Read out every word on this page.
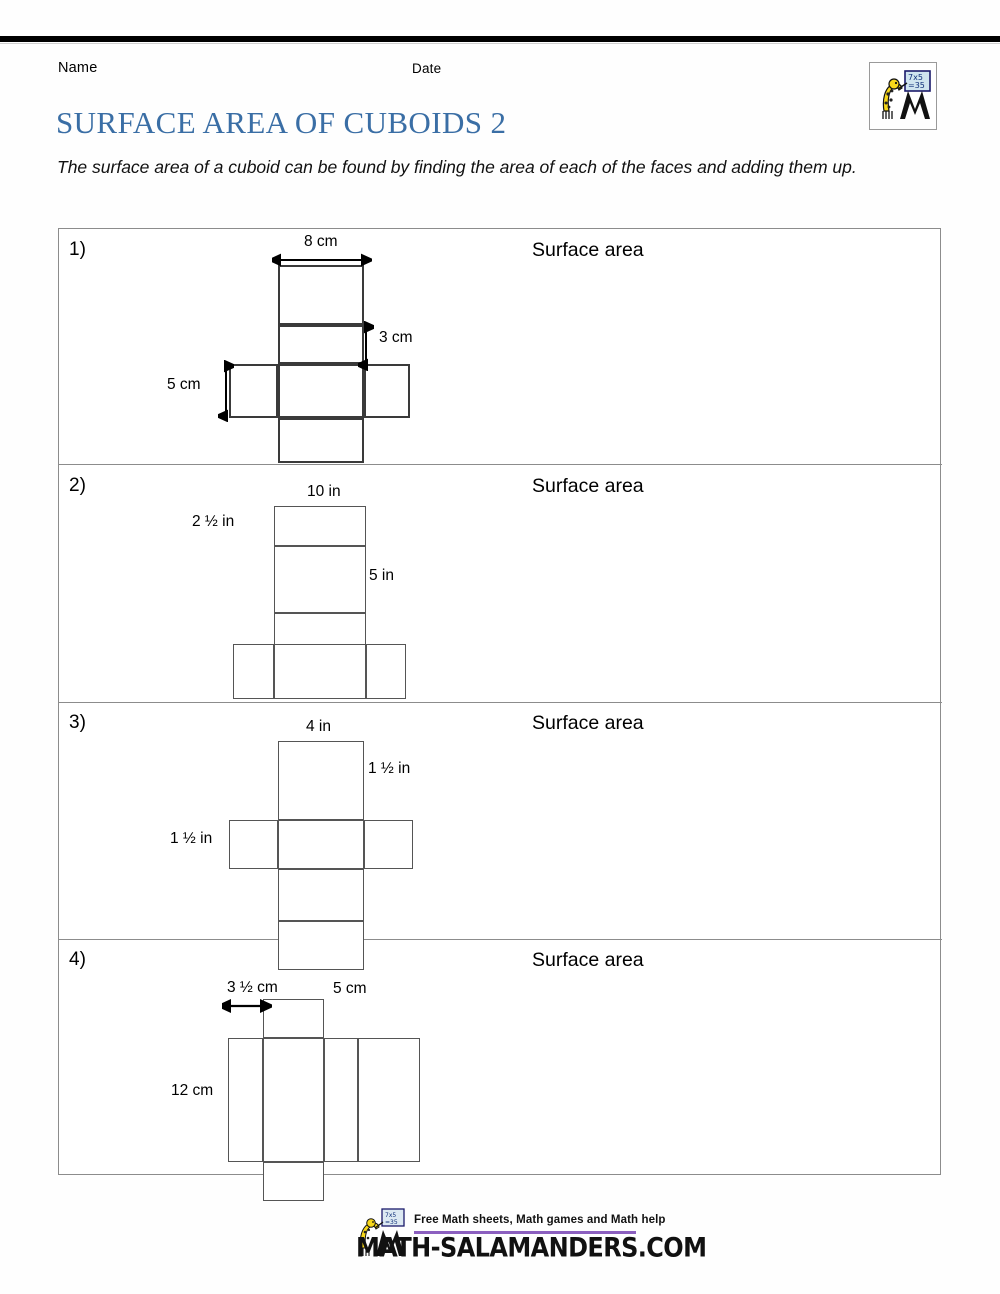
Name	Date
SURFACE AREA OF CUBOIDS 2
The surface area of a cuboid can be found by finding the area of each of the faces and adding them up.
7x5
=35
1)	Surface area
8 cm
3 cm
5 cm
2)	Surface area
10 in
2 ½ in
5 in
3)	Surface area
4 in
1 ½ in
1 ½ in
4)	Surface area
3 ½ cm	5 cm
12 cm
7x5
=35 Free Math sheets, Math games and Math help
MATH-SALAMANDERS.COM
